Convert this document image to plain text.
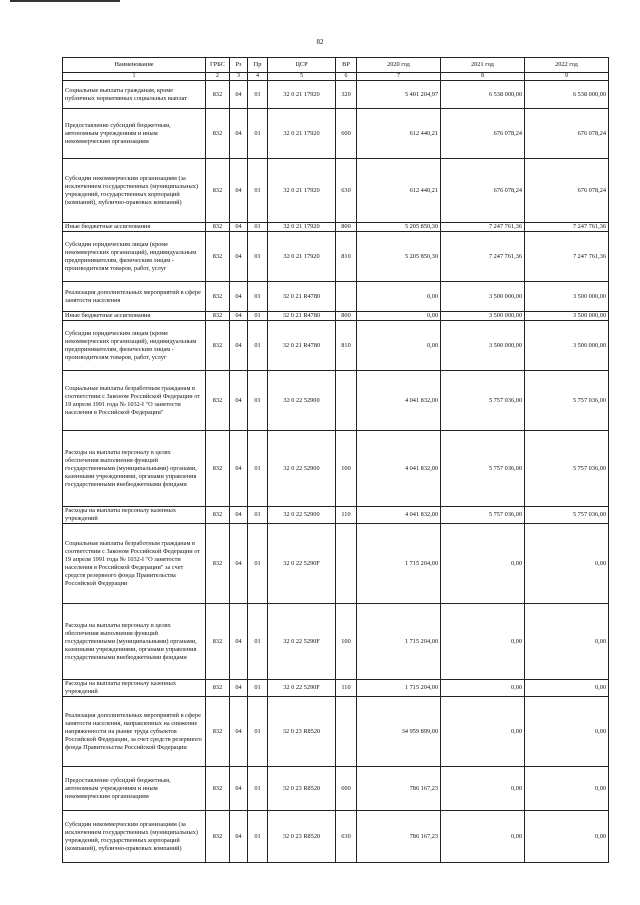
82
Наименование	ГРБС	Рз	Пр	ЦСР	ВР	2020 год	2021 год	2022 год
1	2	3	4	5	6	7	8	9
Социальные выплаты гражданам, кроме публичных нормативных социальных выплат	832	04	01	32 0 21 17920	320	5 401 204,97	6 538 000,00	6 538 000,00
Предоставление субсидий бюджетным, автономным учреждениям и иным некоммерческим организациям	832	04	01	32 0 21 17920	600	612 440,21	676 078,24	676 078,24
Субсидии некоммерческим организациям (за исключением государственных (муниципальных) учреждений, государственных корпораций (компаний), публично-правовых компаний)	832	04	01	32 0 21 17920	630	612 440,21	676 078,24	676 078,24
Иные бюджетные ассигнования	832	04	01	32 0 21 17920	800	5 205 850,30	7 247 761,36	7 247 761,36
Субсидии юридическим лицам (кроме некоммерческих организаций), индивидуальным предпринимателям, физическим лицам - производителям товаров, работ, услуг	832	04	01	32 0 21 17920	810	5 205 850,30	7 247 761,36	7 247 761,36
Реализация дополнительных мероприятий в сфере занятости населения	832	04	01	32 0 21 R4780		0,00	3 500 000,00	3 500 000,00
Иные бюджетные ассигнования	832	04	01	32 0 21 R4780	800	0,00	3 500 000,00	3 500 000,00
Субсидии юридическим лицам (кроме некоммерческих организаций), индивидуальным предпринимателям, физическим лицам - производителям товаров, работ, услуг	832	04	01	32 0 21 R4780	810	0,00	3 500 000,00	3 500 000,00
Социальные выплаты безработным гражданам в соответствии с Законом Российской Федерации от 19 апреля 1991 года № 1032-I "О занятости населения в Российской Федерации"	832	04	01	32 0 22 52900		4 041 832,00	5 757 036,00	5 757 036,00
Расходы на выплаты персоналу в целях обеспечения выполнения функций государственными (муниципальными) органами, казенными учреждениями, органами управления государственными внебюджетными фондами	832	04	01	32 0 22 52900	100	4 041 832,00	5 757 036,00	5 757 036,00
Расходы на выплаты персоналу казенных учреждений	832	04	01	32 0 22 52900	110	4 041 832,00	5 757 036,00	5 757 036,00
Социальные выплаты безработным гражданам в соответствии с Законом Российской Федерации от 19 апреля 1991 года № 1032-I "О занятости населения в Российской Федерации" за счет средств резервного фонда Правительства Российской Федерации	832	04	01	32 0 22 5290F		1 715 204,00	0,00	0,00
Расходы на выплаты персоналу в целях обеспечения выполнения функций государственными (муниципальными) органами, казенными учреждениями, органами управления государственными внебюджетными фондами	832	04	01	32 0 22 5290F	100	1 715 204,00	0,00	0,00
Расходы на выплаты персоналу казенных учреждений	832	04	01	32 0 22 5290F	110	1 715 204,00	0,00	0,00
Реализация дополнительных мероприятий в сфере занятости населения, направленных на снижение напряженности на рынке труда субъектов Российской Федерации, за счет средств резервного фонда Правительства Российской Федерации	832	04	01	32 0 23 R8520		34 959 899,00	0,00	0,00
Предоставление субсидий бюджетным, автономным учреждениям и иным некоммерческим организациям	832	04	01	32 0 23 R8520	600	786 167,23	0,00	0,00
Субсидии некоммерческим организациям (за исключением государственных (муниципальных) учреждений, государственных корпораций (компаний), публично-правовых компаний)	832	04	01	32 0 23 R8520	630	786 167,23	0,00	0,00
